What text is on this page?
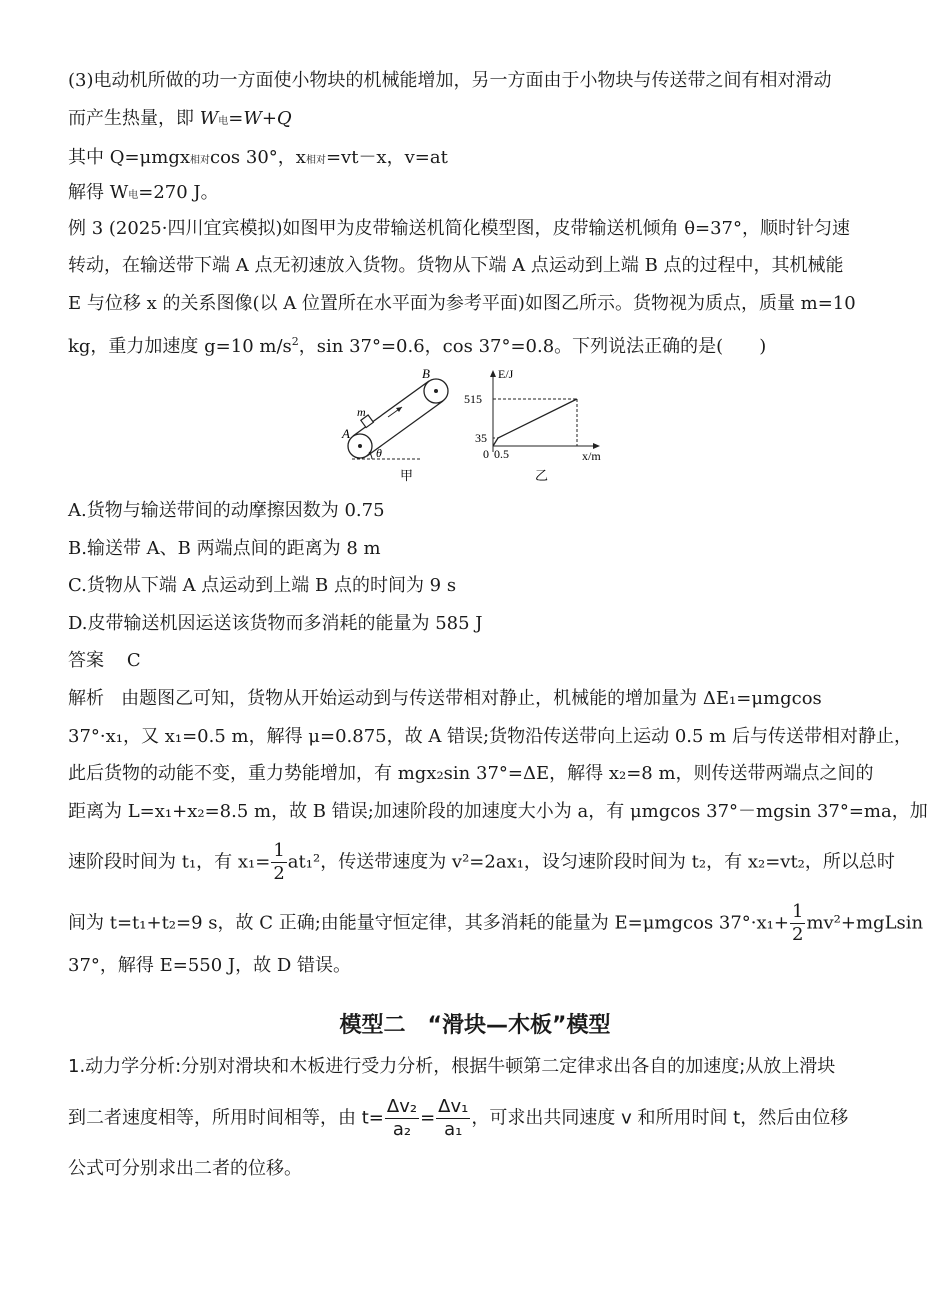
(3)电动机所做的功一方面使小物块的机械能增加，另一方面由于小物块与传送带之间有相对滑动
而产生热量，即 W电=W+Q
其中 Q=μmgx相对cos 30°，x相对=vt－x，v=at
解得 W电=270 J。
例 3 (2025·四川宜宾模拟)如图甲为皮带输送机简化模型图，皮带输送机倾角 θ=37°，顺时针匀速
转动，在输送带下端 A 点无初速放入货物。货物从下端 A 点运动到上端 B 点的过程中，其机械能
E 与位移 x 的关系图像(以 A 位置所在水平面为参考平面)如图乙所示。货物视为质点，质量 m=10
kg，重力加速度 g=10 $m/s^2$，sin 37°=0.6，cos 37°=0.8。下列说法正确的是(　　)
B
A
m
θ
甲
E/J
515
35
0 0.5	x/m
乙
A.货物与输送带间的动摩擦因数为 0.75
B.输送带 A、B 两端点间的距离为 8 m
C.货物从下端 A 点运动到上端 B 点的时间为 9 s
D.皮带输送机因运送该货物而多消耗的能量为 585 J
答案 C
解析 由题图乙可知，货物从开始运动到与传送带相对静止，机械能的增加量为 ΔE₁=μmgcos
37°·x₁，又 x₁=0.5 m，解得 μ=0.875，故 A 错误;货物沿传送带向上运动 0.5 m 后与传送带相对静止，
此后货物的动能不变，重力势能增加，有 mgx₂sin 37°=ΔE，解得 x₂=8 m，则传送带两端点之间的
距离为 L=x₁+x₂=8.5 m，故 B 错误;加速阶段的加速度大小为 a，有 μmgcos 37°－mgsin 37°=ma，加
速阶段时间为 t₁，有 $x_1= \frac{1}{2} at_1^2$，传送带速度为 v²=2ax₁，设匀速阶段时间为 t₂，有 x₂=vt₂，所以总时
间为 t=t₁+t₂=9 s，故 C 正确;由能量守恒定律，其多消耗的能量为 E=μmgcos $37^\circ\cdot x_1+ \frac{1}{2} mv^2+mgLsin$
37°，解得 E=550 J，故 D 错误。
模型二　“滑块—木板”模型
1.动力学分析:分别对滑块和木板进行受力分析，根据牛顿第二定律求出各自的加速度;从放上滑块
到二者速度相等，所用时间相等，由 $t= \frac{\text{Δv₂}}{\text{a₂}} = \frac{\text{Δv₁}}{\text{a₁}}$ ，可求出共同速度 v 和所用时间 t，然后由位移
公式可分别求出二者的位移。
